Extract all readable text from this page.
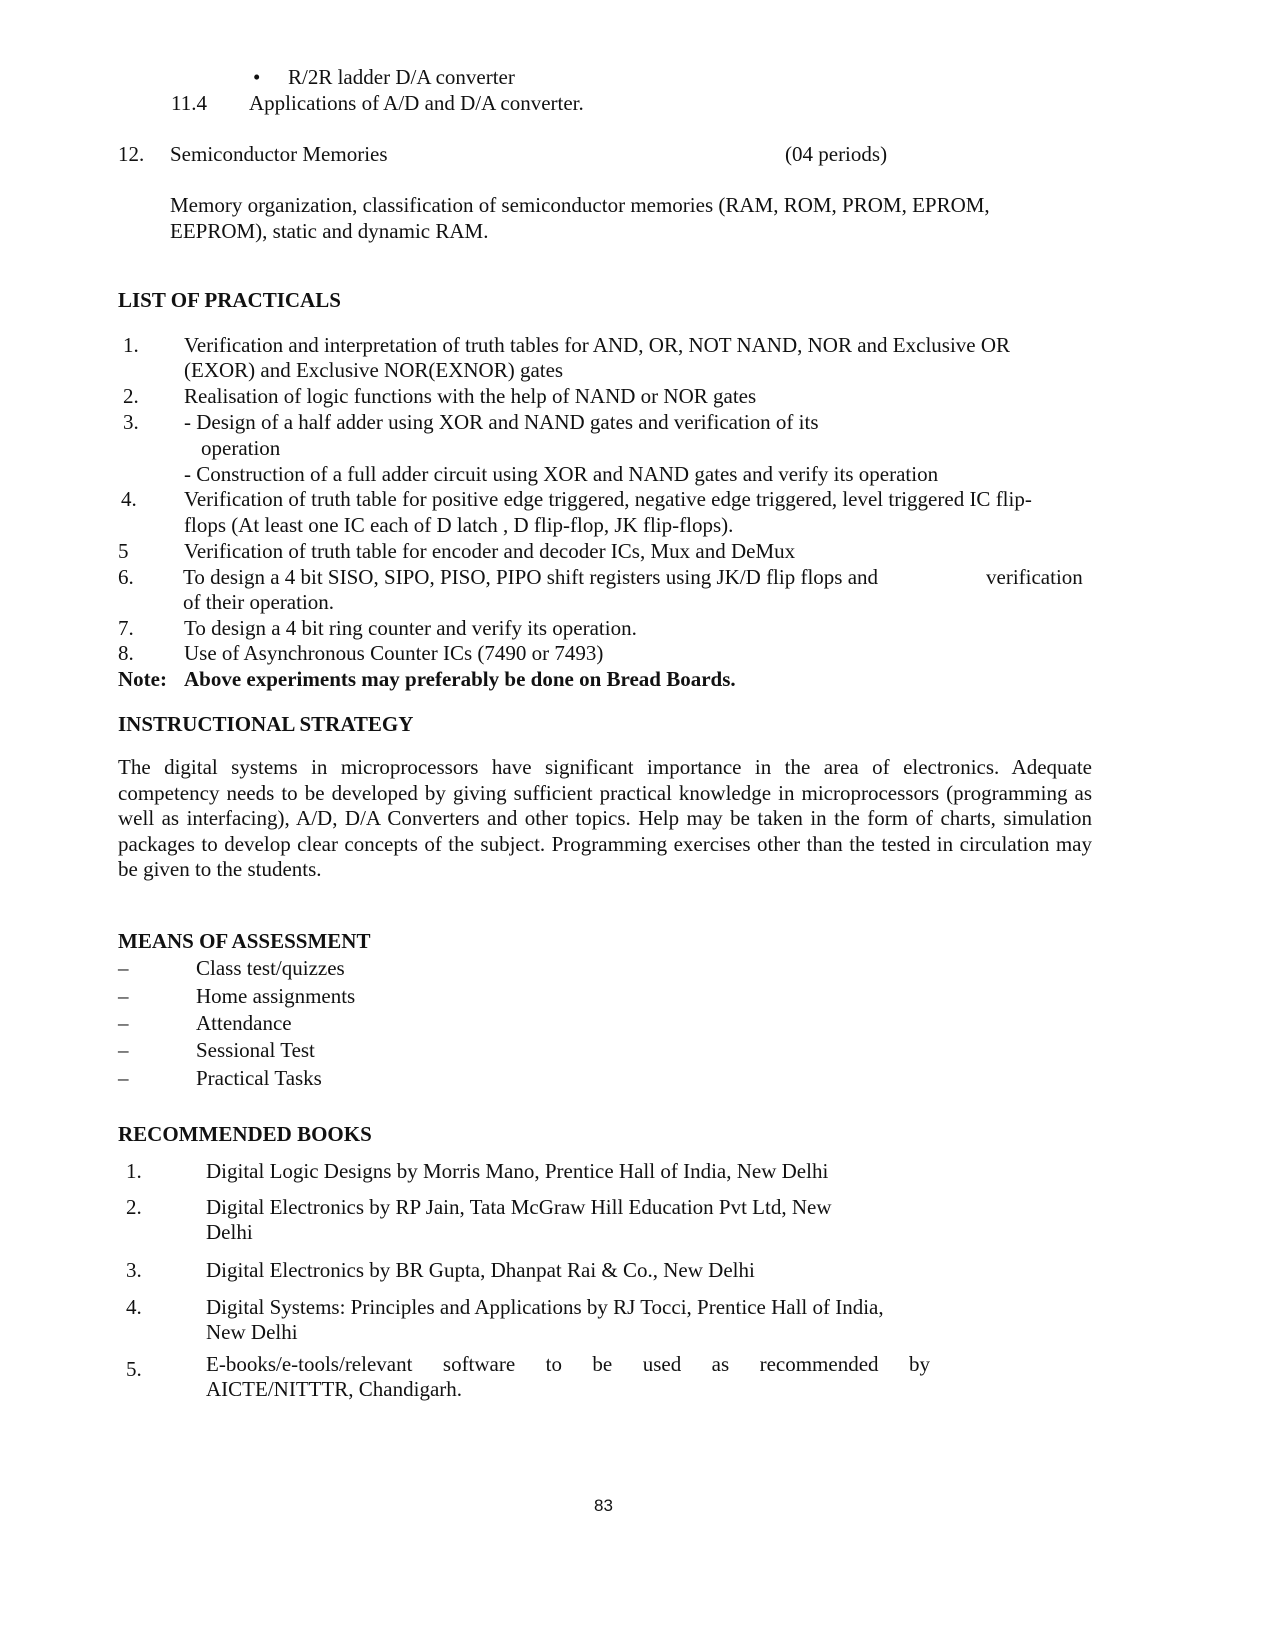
• R/2R ladder D/A converter
11.4 Applications of A/D and D/A converter.
12. Semiconductor Memories	(04 periods)
Memory organization, classification of semiconductor memories (RAM, ROM, PROM, EPROM,
EEPROM), static and dynamic RAM.
LIST OF PRACTICALS
1. Verification and interpretation of truth tables for AND, OR, NOT NAND, NOR and Exclusive OR
(EXOR) and Exclusive NOR(EXNOR) gates
2. Realisation of logic functions with the help of NAND or NOR gates
3. - Design of a half adder using XOR and NAND gates and verification of its
operation
- Construction of a full adder circuit using XOR and NAND gates and verify its operation
4. Verification of truth table for positive edge triggered, negative edge triggered, level triggered IC flip-
flops (At least one IC each of D latch , D flip-flop, JK flip-flops).
5	Verification of truth table for encoder and decoder ICs, Mux and DeMux
6. To design a 4 bit SISO, SIPO, PISO, PIPO shift registers using JK/D flip flops and	verification
of their operation.
7. To design a 4 bit ring counter and verify its operation.
8. Use of Asynchronous Counter ICs (7490 or 7493)
Note: Above experiments may preferably be done on Bread Boards.
INSTRUCTIONAL STRATEGY
The digital systems in microprocessors have significant importance in the area of electronics. Adequate competency needs to be developed by giving sufficient practical knowledge in microprocessors (programming as well as interfacing), A/D, D/A Converters and other topics. Help may be taken in the form of charts, simulation packages to develop clear concepts of the subject. Programming exercises other than the tested in circulation may be given to the students.
MEANS OF ASSESSMENT
–	Class test/quizzes
–	Home assignments
–	Attendance
–	Sessional Test
–	Practical Tasks
RECOMMENDED BOOKS
1.	Digital Logic Designs by Morris Mano, Prentice Hall of India, New Delhi
2.	Digital Electronics by RP Jain, Tata McGraw Hill Education Pvt Ltd, New
Delhi
3.	Digital Electronics by BR Gupta, Dhanpat Rai & Co., New Delhi
4.	Digital Systems: Principles and Applications by RJ Tocci, Prentice Hall of India,
New Delhi
5.	E-books/e-tools/relevant software to be used as recommended by
AICTE/NITTTR, Chandigarh.
83
